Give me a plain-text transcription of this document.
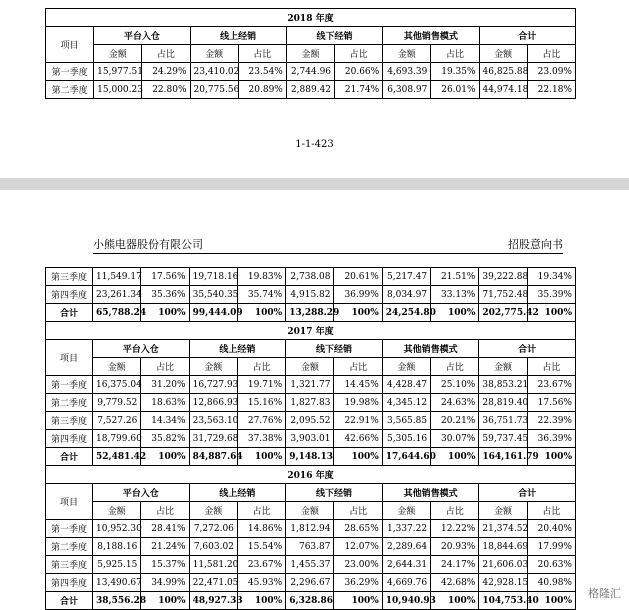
2018 年度										
项目	平台入仓		线上经销		线下经销		其他销售模式		合计	
	金额	占比	金额	占比	金额	占比	金额	占比	金额	占比
第一季度	15,977.51	24.29%	23,410.02	23.54%	2,744.96	20.66%	4,693.39	19.35%	46,825.88	23.09%
第二季度	15,000.23	22.80%	20,775.56	20.89%	2,889.42	21.74%	6,308.97	26.01%	44,974.18	22.18%
1-1-423
小熊电器股份有限公司	招股意向书
第三季度	11,549.17	17.56%	19,718.16	19.83%	2,738.08	20.61%	5,217.47	21.51%	39,222.88	19.34%
第四季度	23,261.34	35.36%	35,540.35	35.74%	4,915.82	36.99%	8,034.97	33.13%	71,752.48	35.39%
合计	65,788.24	100%	99,444.09	100%	13,288.29	100%	24,254.80	100%	202,775.42	100%
2017 年度										
项目	平台入仓		线上经销		线下经销		其他销售模式		合计	
	金额	占比	金额	占比	金额	占比	金额	占比	金额	占比
第一季度	16,375.04	31.20%	16,727.93	19.71%	1,321.77	14.45%	4,428.47	25.10%	38,853.21	23.67%
第二季度	9,779.52	18.63%	12,866.93	15.16%	1,827.83	19.98%	4,345.12	24.63%	28,819.40	17.56%
第三季度	7,527.26	14.34%	23,563.10	27.76%	2,095.52	22.91%	3,565.85	20.21%	36,751.73	22.39%
第四季度	18,799.60	35.82%	31,729.68	37.38%	3,903.01	42.66%	5,305.16	30.07%	59,737.45	36.39%
合计	52,481.42	100%	84,887.64	100%	9,148.13	100%	17,644.60	100%	164,161.79	100%
2016 年度										
项目	平台入仓		线上经销		线下经销		其他销售模式		合计	
	金额	占比	金额	占比	金额	占比	金额	占比	金额	占比
第一季度	10,952.30	28.41%	7,272.06	14.86%	1,812.94	28.65%	1,337.22	12.22%	21,374.52	20.40%
第二季度	8,188.16	21.24%	7,603.02	15.54%	763.87	12.07%	2,289.64	20.93%	18,844.69	17.99%
第三季度	5,925.15	15.37%	11,581.20	23.67%	1,455.37	23.00%	2,644.31	24.17%	21,606.03	20.63%
第四季度	13,490.67	34.99%	22,471.05	45.93%	2,296.67	36.29%	4,669.76	42.68%	42,928.15	40.98%
合计	38,556.28	100%	48,927.33	100%	6,328.86	100%	10,940.93	100%	104,753.40	100%
格隆汇
